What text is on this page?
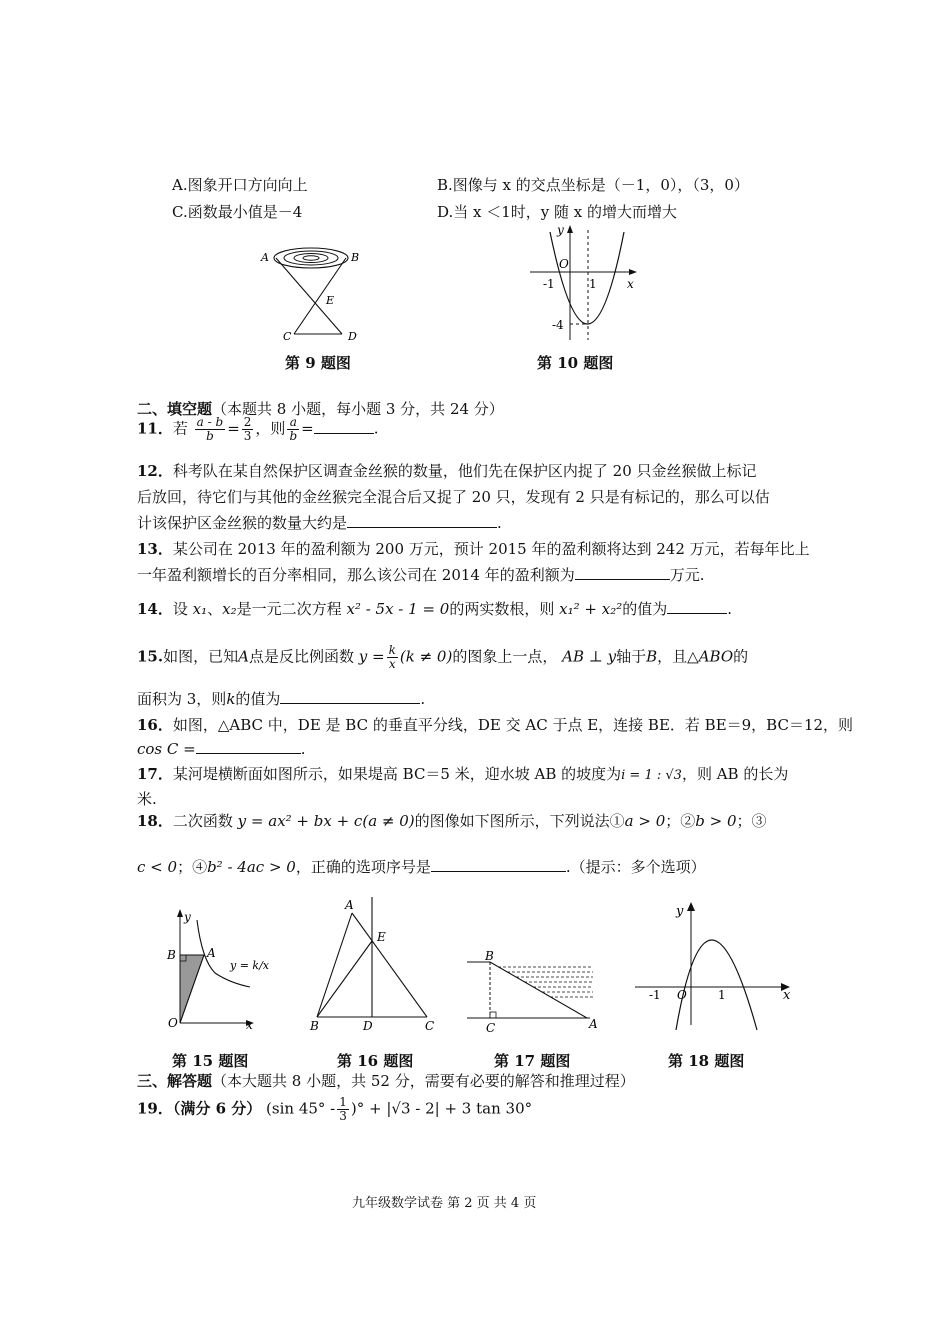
A.图象开口方向向上	B.图像与 x 的交点坐标是（－1，0），（3，0）
C.函数最小值是－4	D.当 x ＜1时，y 随 x 的增大而增大
A	B
E
C	D
第 9 题图
y
O
-1	1	x
-4
第 10 题图
二、填空题（本题共 8 小题，每小题 3 分，共 24 分）
11．若 $\frac{a - b}{b} = \frac{2}{3}$ ，则 $\frac{a}{b}$ =	.
12．科考队在某自然保护区调查金丝猴的数量，他们先在保护区内捉了 20 只金丝猴做上标记
后放回，待它们与其他的金丝猴完全混合后又捉了 20 只，发现有 2 只是有标记的，那么可以估
计该保护区金丝猴的数量大约是	.
13．某公司在 2013 年的盈利额为 200 万元，预计 2015 年的盈利额将达到 242 万元，若每年比上
一年盈利额增长的百分率相同，那么该公司在 2014 年的盈利额为	万元.
14．设 x₁、x₂是一元二次方程 x² - 5x - 1 = 0的两实数根，则 x₁² + x₂²的值为	.
15.如图，已知A点是反比例函数 $y = \frac{k}{x} (k \ne 0)$的图象上一点， AB ⊥ y轴于B，且△ABO的
面积为 3，则k的值为	.
16．如图，△ABC 中，DE 是 BC 的垂直平分线，DE 交 AC 于点 E，连接 BE．若 BE＝9，BC＝12，则
cos C =	.
17．某河堤横断面如图所示，如果堤高 BC＝5 米，迎水坡 AB 的坡度为i = 1 : √3，则 AB 的长为
米.
18．二次函数 y = ax² + bx + c(a ≠ 0)的图像如下图所示，下列说法①a > 0；②b > 0；③
c < 0；④b² - 4ac > 0，正确的选项序号是	.（提示：多个选项）
y
B	A
y = k/x
O	x
第 15 题图
A
E
B	D	C
第 16 题图
B
C	A
第 17 题图
y
-1 O	1	x
第 18 题图
三、解答题（本大题共 8 小题，共 52 分，需要有必要的解答和推理过程）
19．（满分 6 分） (sin $45^\circ - \frac{1}{3}$ )° + |√3 - 2| + 3 tan 30°
九年级数学试卷 第 2 页 共 4 页
